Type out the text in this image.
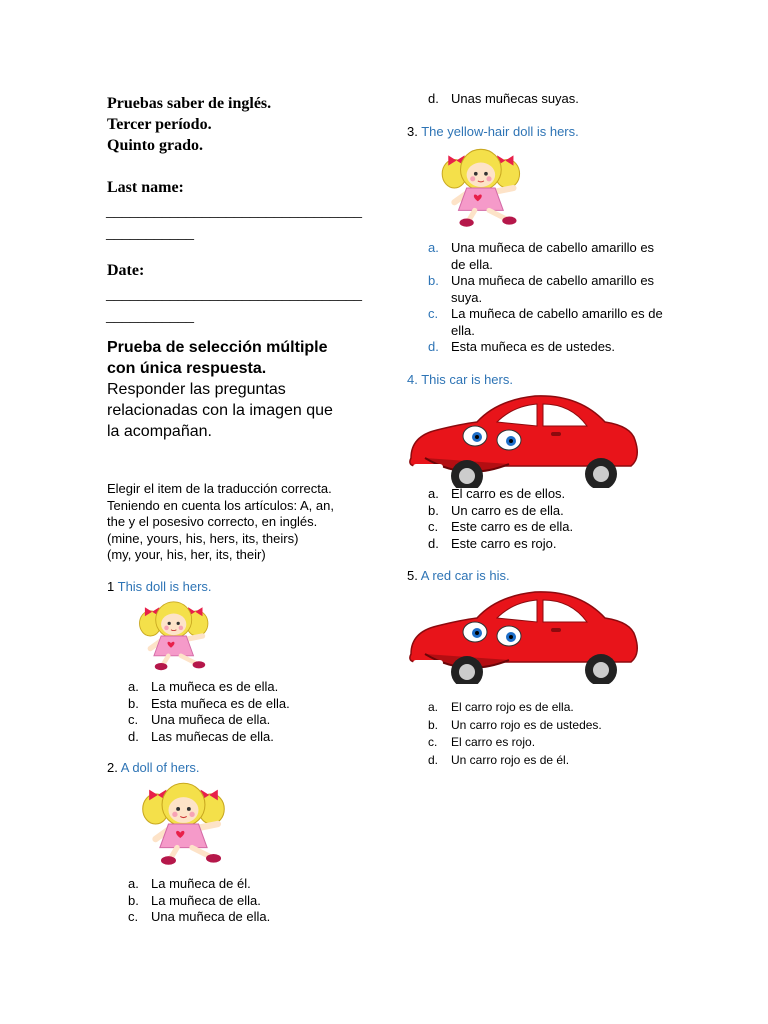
Pruebas saber de inglés.
Tercer período.
Quinto grado.
Last name:
________________________________
___________
Date:
________________________________
___________
Prueba de selección múltiple
con única respuesta.
Responder las preguntas
relacionadas con la imagen que
la acompañan.
Elegir el item de la traducción correcta.
Teniendo en cuenta los artículos: A, an,
the y el posesivo correcto, en inglés.
(mine, yours, his, hers, its, theirs)
(my, your, his, her, its, their)
1 This doll is hers.
a. La muñeca es de ella.
b. Esta muñeca es de ella.
c. Una muñeca de ella.
d. Las muñecas de ella.
2. A doll of hers.
a. La muñeca de él.
b. La muñeca de ella.
c. Una muñeca de ella.
d. Unas muñecas suyas.
3. The yellow-hair doll is hers.
a. Una muñeca de cabello amarillo es de ella.
b. Una muñeca de cabello amarillo es suya.
c. La muñeca de cabello amarillo es de ella.
d. Esta muñeca es de ustedes.
4. This car is hers.
a. El carro es de ellos.
b. Un carro es de ella.
c. Este carro es de ella.
d. Este carro es rojo.
5. A red car is his.
a.	El carro rojo es de ella.
b.	Un carro rojo es de ustedes.
c.	El carro es rojo.
d.	Un carro rojo es de él.
